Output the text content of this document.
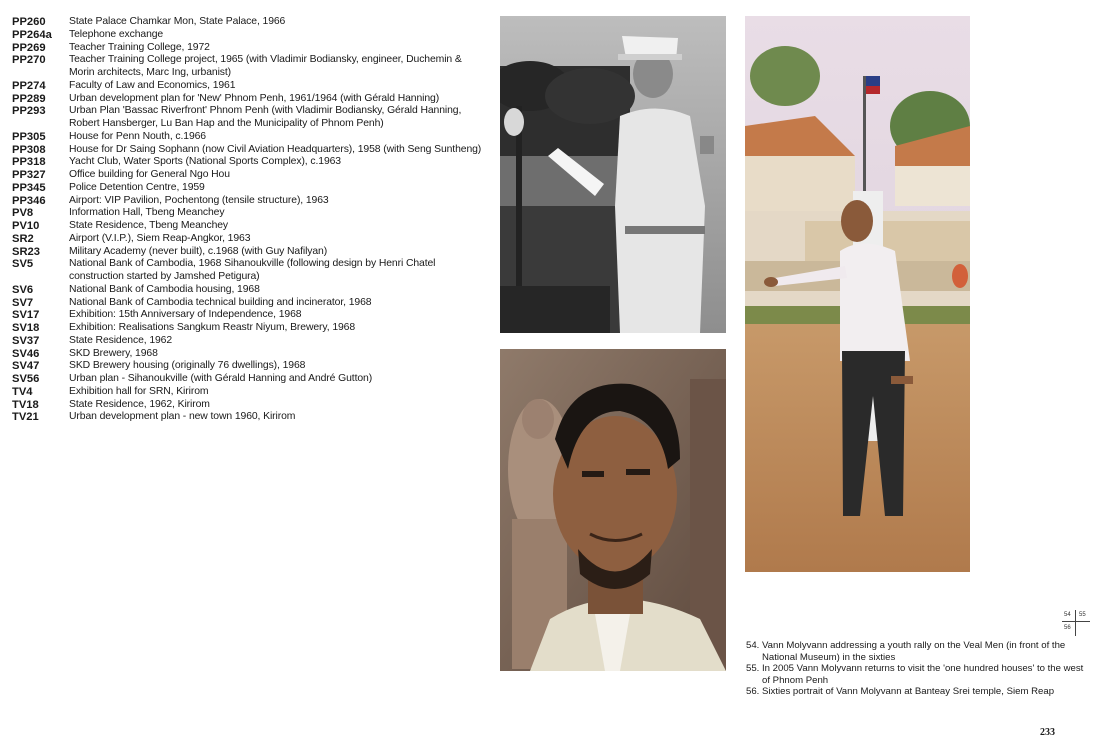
PP260	State Palace Chamkar Mon, State Palace, 1966
PP264a	Telephone exchange
PP269	Teacher Training College, 1972
PP270	Teacher Training College project, 1965 (with Vladimir Bodiansky, engineer, Duchemin & Morin architects, Marc Ing, urbanist)
PP274	Faculty of Law and Economics, 1961
PP289	Urban development plan for 'New' Phnom Penh, 1961/1964 (with Gérald Hanning)
PP293	Urban Plan 'Bassac Riverfront' Phnom Penh (with Vladimir Bodiansky, Gérald Hanning, Robert Hansberger, Lu Ban Hap and the Municipality of Phnom Penh)
PP305	House for Penn Nouth, c.1966
PP308	House for Dr Saing Sophann (now Civil Aviation Headquarters), 1958 (with Seng Suntheng)
PP318	Yacht Club, Water Sports (National Sports Complex), c.1963
PP327	Office building for General Ngo Hou
PP345	Police Detention Centre, 1959
PP346	Airport: VIP Pavilion, Pochentong (tensile structure), 1963
PV8	Information Hall, Tbeng Meanchey
PV10	State Residence, Tbeng Meanchey
SR2	Airport (V.I.P.), Siem Reap-Angkor, 1963
SR23	Military Academy (never built), c.1968 (with Guy Nafilyan)
SV5	National Bank of Cambodia, 1968 Sihanoukville (following design by Henri Chatel construction started by Jamshed Petigura)
SV6	National Bank of Cambodia housing, 1968
SV7	National Bank of Cambodia technical building and incinerator, 1968
SV17	Exhibition: 15th Anniversary of Independence, 1968
SV18	Exhibition: Realisations Sangkum Reastr Niyum, Brewery, 1968
SV37	State Residence, 1962
SV46	SKD Brewery, 1968
SV47	SKD Brewery housing (originally 76 dwellings), 1968
SV56	Urban plan - Sihanoukville (with Gérald Hanning and André Gutton)
TV4	Exhibition hall for SRN, Kirirom
TV18	State Residence, 1962, Kirirom
TV21	Urban development plan - new town 1960, Kirirom
54 55
56
54. Vann Molyvann addressing a youth rally on the Veal Men (in front of the National Museum) in the sixties
55. In 2005 Vann Molyvann returns to visit the 'one hundred houses' to the west of Phnom Penh
56. Sixties portrait of Vann Molyvann at Banteay Srei temple, Siem Reap
233
